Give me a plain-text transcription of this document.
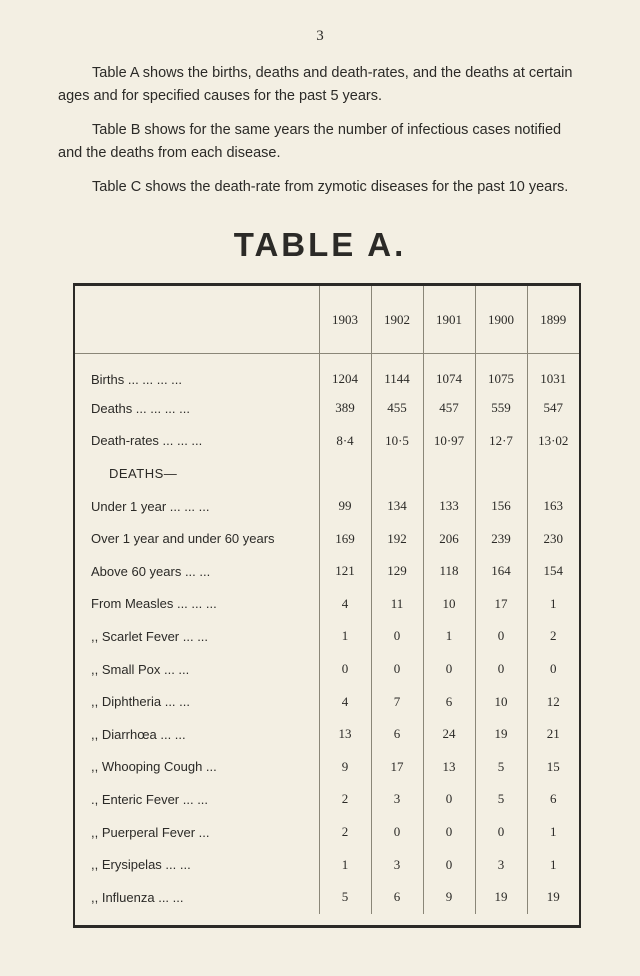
3

Table A shows the births, deaths and death-rates, and the deaths at certain ages and for specified causes for the past 5 years.

Table B shows for the same years the number of infectious cases notified and the deaths from each disease.

Table C shows the death-rate from zymotic diseases for the past 10 years.

TABLE A.
	1903	1902	1901	1900	1899
Births ... ... ... ...	1204	1144	1074	1075	1031
Deaths ... ... ... ...	389	455	457	559	547
Death-rates ... ... ...	8·4	10·5	10·97	12·7	13·02
DEATHS—					
Under 1 year ... ... ...	99	134	133	156	163
Over 1 year and under 60 years	169	192	206	239	230
Above 60 years ... ...	121	129	118	164	154
From Measles ... ... ...	4	11	10	17	1
,, Scarlet Fever ... ...	1	0	1	0	2
,, Small Pox ... ...	0	0	0	0	0
,, Diphtheria ... ...	4	7	6	10	12
,, Diarrhœa ... ...	13	6	24	19	21
,, Whooping Cough ...	9	17	13	5	15
., Enteric Fever ... ...	2	3	0	5	6
,, Puerperal Fever ...	2	0	0	0	1
,, Erysipelas ... ...	1	3	0	3	1
,, Influenza ... ...	5	6	9	19	19
